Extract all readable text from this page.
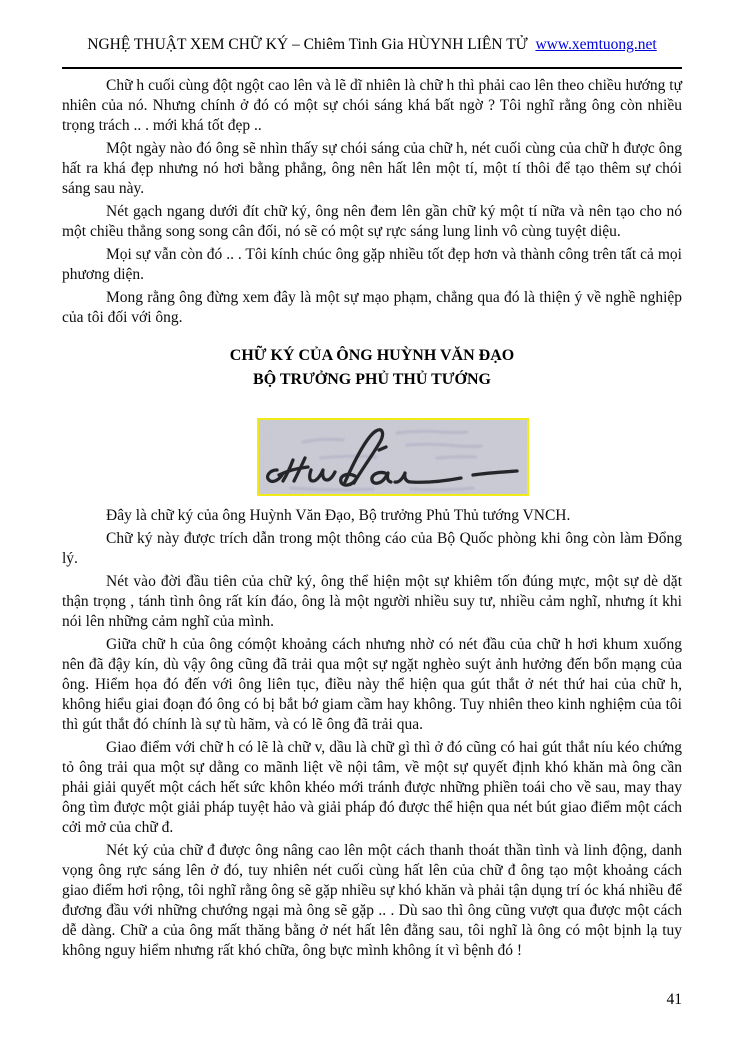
NGHỆ THUẬT XEM CHỮ KÝ – Chiêm Tinh Gia HÙYNH LIÊN TỬ www.xemtuong.net

Chữ h cuối cùng đột ngột cao lên và lẽ dĩ nhiên là chữ h thì phải cao lên theo chiều hướng tự nhiên của nó. Nhưng chính ở đó có một sự chói sáng khá bất ngờ ? Tôi nghĩ rằng ông còn nhiều trọng trách .. . mới khá tốt đẹp ..

Một ngày nào đó ông sẽ nhìn thấy sự chói sáng của chữ h, nét cuối cùng của chữ h được ông hất ra khá đẹp nhưng nó hơi bằng phẳng, ông nên hất lên một tí, một tí thôi để tạo thêm sự chói sáng sau này.

Nét gạch ngang dưới đít chữ ký, ông nên đem lên gần chữ ký một tí nữa và nên tạo cho nó một chiều thẳng song song cân đối, nó sẽ có một sự rực sáng lung linh vô cùng tuyệt diệu.

Mọi sự vẫn còn đó .. . Tôi kính chúc ông gặp nhiều tốt đẹp hơn và thành công trên tất cả mọi phương diện.

Mong rằng ông đừng xem đây là một sự mạo phạm, chẳng qua đó là thiện ý về nghề nghiệp của tôi đối với ông.

CHỮ KÝ CỦA ÔNG HUỲNH VĂN ĐẠO
BỘ TRƯỞNG PHỦ THỦ TƯỚNG

Đây là chữ ký của ông Huỳnh Văn Đạo, Bộ trưởng Phủ Thủ tướng VNCH.

Chữ ký này được trích dẫn trong một thông cáo của Bộ Quốc phòng khi ông còn làm Đổng lý.

Nét vào đời đầu tiên của chữ ký, ông thể hiện một sự khiêm tốn đúng mực, một sự dè dặt thận trọng , tánh tình ông rất kín đáo, ông là một người nhiều suy tư, nhiều cảm nghĩ, nhưng ít khi nói lên những cảm nghĩ của mình.

Giữa chữ h của ông cómột khoảng cách nhưng nhờ có nét đầu của chữ h hơi khum xuống nên đã đậy kín, dù vậy ông cũng đã trải qua một sự ngặt nghèo suýt ảnh hưởng đến bổn mạng của ông. Hiểm họa đó đến với ông liên tục, điều này thể hiện qua gút thắt ở nét thứ hai của chữ h, không hiểu giai đoạn đó ông có bị bắt bớ giam cầm hay không. Tuy nhiên theo kinh nghiệm của tôi thì gút thắt đó chính là sự tù hãm, và có lẽ ông đã trải qua.

Giao điểm với chữ h có lẽ là chữ v, dầu là chữ gì thì ở đó cũng có hai gút thắt níu kéo chứng tỏ ông trải qua một sự dằng co mãnh liệt về nội tâm, về một sự quyết định khó khăn mà ông cần phải giải quyết một cách hết sức khôn khéo mới tránh được những phiền toái cho về sau, may thay ông tìm được một giải pháp tuyệt hảo và giải pháp đó được thể hiện qua nét bút giao điểm một cách cởi mở của chữ đ.

Nét ký của chữ đ được ông nâng cao lên một cách thanh thoát thần tình và linh động, danh vọng ông rực sáng lên ở đó, tuy nhiên nét cuối cùng hất lên của chữ đ ông tạo một khoảng cách giao điểm hơi rộng, tôi nghĩ rằng ông sẽ gặp nhiều sự khó khăn và phải tận dụng trí óc khá nhiều để đương đầu với những chướng ngại mà ông sẽ gặp .. . Dù sao thì ông cũng vượt qua được một cách dễ dàng. Chữ a của ông mất thăng bằng ở nét hất lên đằng sau, tôi nghĩ là ông có một bịnh lạ tuy không nguy hiểm nhưng rất khó chữa, ông bực mình không ít vì bệnh đó !

41
